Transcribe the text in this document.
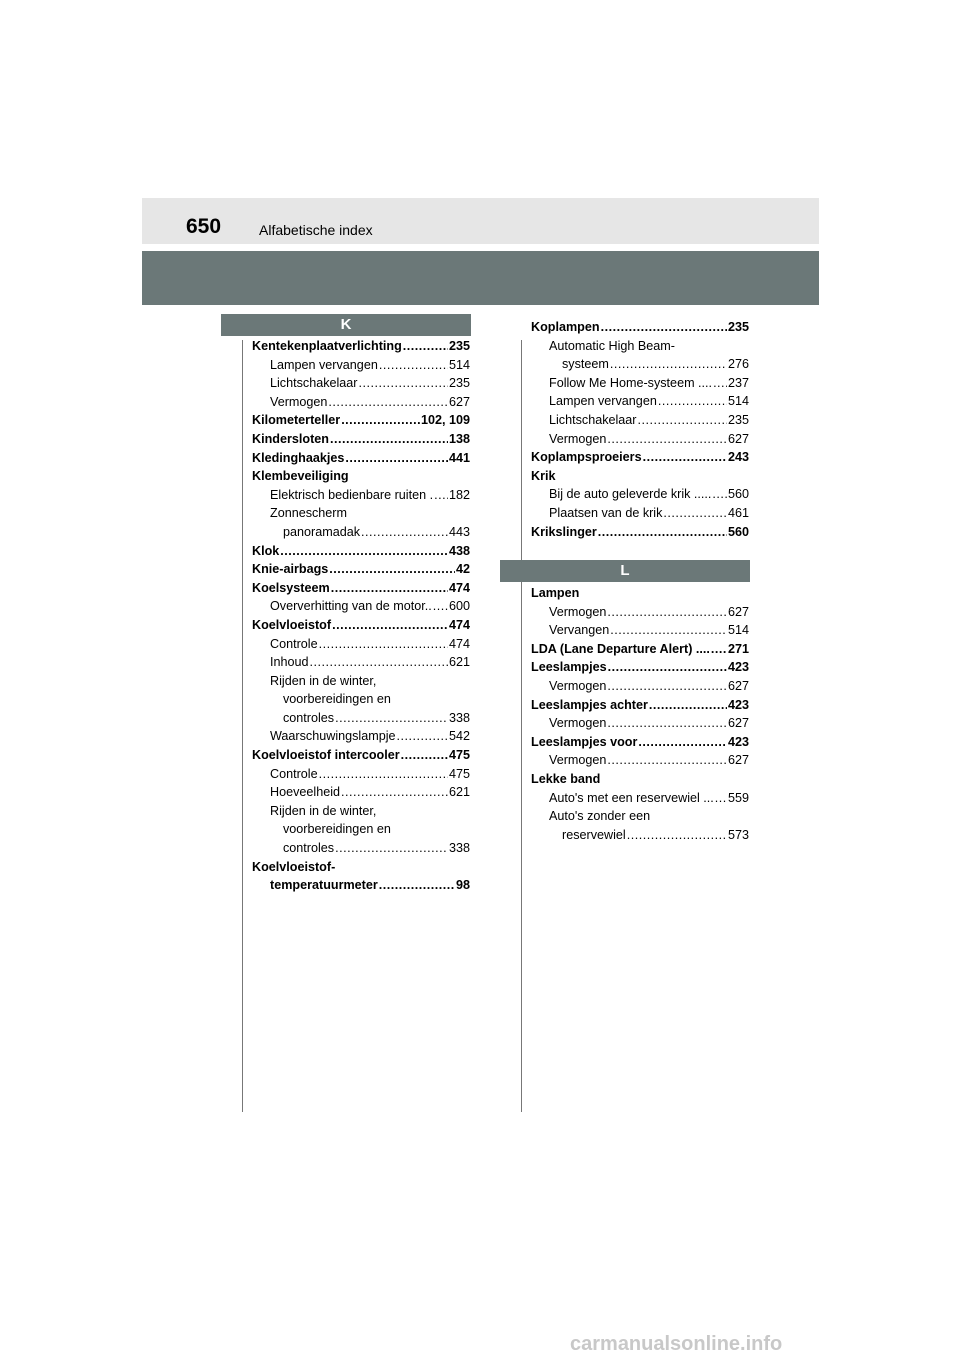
650	Alfabetische index
K
L
Kentekenplaatverlichting .....	235
Lampen vervangen .....	514
Lichtschakelaar .....	235
Vermogen .....	627
Kilometerteller .....	102, 109
Kindersloten .....	138
Kledinghaakjes .....	441
Klembeveiliging
Elektrisch bedienbare ruiten . ..... 182
Zonnescherm
panoramadak .....	443
Klok .....	438
Knie-airbags .....	42
Koelsysteem .....	474
Oververhitting van de motor.. ..... 600
Koelvloeistof .....	474
Controle .....	474
Inhoud .....	621
Rijden in de winter,
voorbereidingen en
controles .....	338
Waarschuwingslampje .....	542
Koelvloeistof intercooler .....	475
Controle .....	475
Hoeveelheid .....	621
Rijden in de winter,
voorbereidingen en
controles .....	338
Koelvloeistof-
temperatuurmeter .....	98
Koplampen .....	235
Automatic High Beam-
systeem .....	276
Follow Me Home-systeem .... ..... 237
Lampen vervangen .....	514
Lichtschakelaar .....	235
Vermogen .....	627
Koplampsproeiers .....	243
Krik
Bij de auto geleverde krik ..... ..... 560
Plaatsen van de krik .....	461
Krikslinger .....	560
Lampen
Vermogen .....	627
Vervangen .....	514
LDA (Lane Departure Alert) .... ..... 271
Leeslampjes .....	423
Vermogen .....	627
Leeslampjes achter .....	423
Vermogen .....	627
Leeslampjes voor .....	423
Vermogen .....	627
Lekke band
Auto's met een reservewiel ... ..... 559
Auto's zonder een
reservewiel .....	573
carmanualsonline.info
